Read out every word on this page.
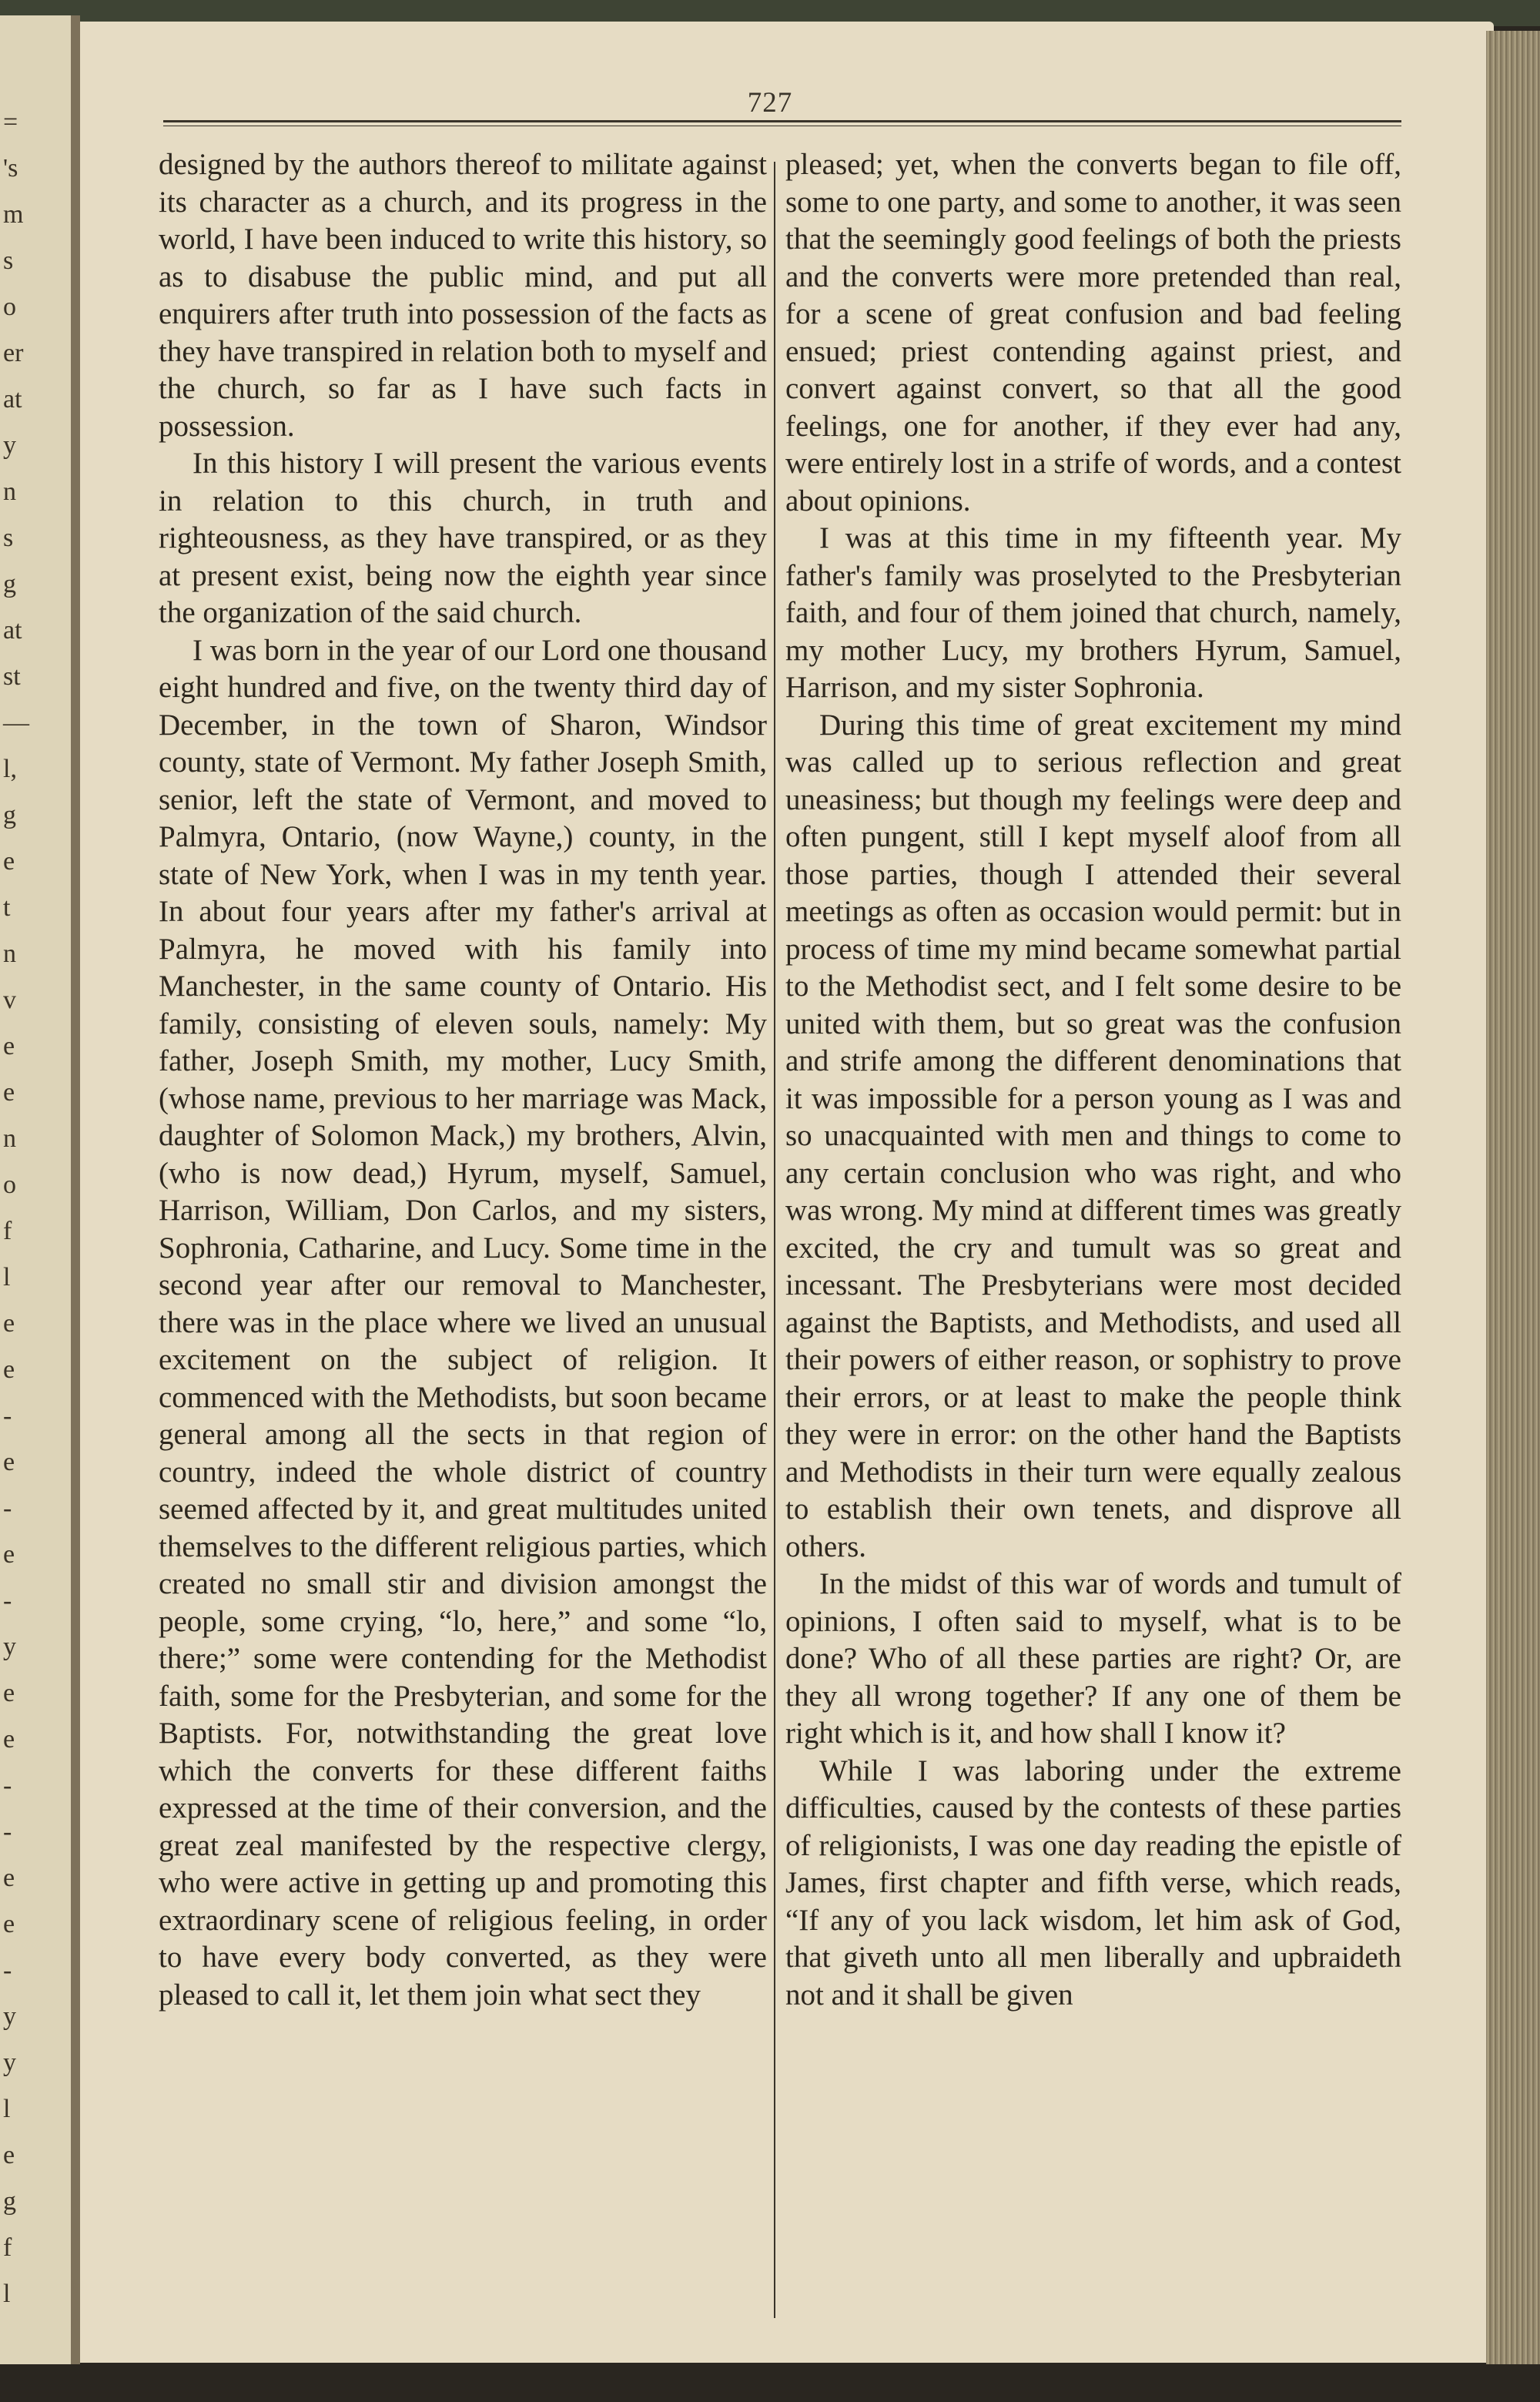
=
's
m
s
o
er
at
y
n
s
g
at
st
—
l,
g
e
t
n
v
e
e
n
o
f
l
e
e
-
e
-
e
-
y
e
e
-
-
e
e
-
y
y
l
e
g
f
l
727

designed by the authors thereof to militate against its character as a church, and its progress in the world, I have been induced to write this history, so as to disabuse the public mind, and put all enquirers after truth into possession of the facts as they have transpired in relation both to myself and the church, so far as I have such facts in possession.

In this history I will present the various events in relation to this church, in truth and righteousness, as they have transpired, or as they at present exist, being now the eighth year since the organization of the said church.

I was born in the year of our Lord one thousand eight hundred and five, on the twenty third day of December, in the town of Sharon, Windsor county, state of Vermont. My father Joseph Smith, senior, left the state of Vermont, and moved to Palmyra, Ontario, (now Wayne,) county, in the state of New York, when I was in my tenth year. In about four years after my father's arrival at Palmyra, he moved with his family into Manchester, in the same county of Ontario. His family, consisting of eleven souls, namely: My father, Joseph Smith, my mother, Lucy Smith, (whose name, previous to her marriage was Mack, daughter of Solomon Mack,) my brothers, Alvin, (who is now dead,) Hyrum, myself, Samuel, Harrison, William, Don Carlos, and my sisters, Sophronia, Catharine, and Lucy. Some time in the second year after our removal to Manchester, there was in the place where we lived an unusual excitement on the subject of religion. It commenced with the Methodists, but soon became general among all the sects in that region of country, indeed the whole district of country seemed affected by it, and great multitudes united themselves to the different religious parties, which created no small stir and division amongst the people, some crying, “lo, here,” and some “lo, there;” some were contending for the Methodist faith, some for the Presbyterian, and some for the Baptists. For, notwithstanding the great love which the converts for these different faiths expressed at the time of their conversion, and the great zeal manifested by the respective clergy, who were active in getting up and promoting this extraordinary scene of religious feeling, in order to have every body converted, as they were pleased to call it, let them join what sect they

pleased; yet, when the converts began to file off, some to one party, and some to another, it was seen that the seemingly good feelings of both the priests and the converts were more pretended than real, for a scene of great confusion and bad feeling ensued; priest contending against priest, and convert against convert, so that all the good feelings, one for another, if they ever had any, were entirely lost in a strife of words, and a contest about opinions.

I was at this time in my fifteenth year. My father's family was proselyted to the Presbyterian faith, and four of them joined that church, namely, my mother Lucy, my brothers Hyrum, Samuel, Harrison, and my sister Sophronia.

During this time of great excitement my mind was called up to serious reflection and great uneasiness; but though my feelings were deep and often pungent, still I kept myself aloof from all those parties, though I attended their several meetings as often as occasion would permit: but in process of time my mind became somewhat partial to the Methodist sect, and I felt some desire to be united with them, but so great was the confusion and strife among the different denominations that it was impossible for a person young as I was and so unacquainted with men and things to come to any certain conclusion who was right, and who was wrong. My mind at different times was greatly excited, the cry and tumult was so great and incessant. The Presbyterians were most decided against the Baptists, and Methodists, and used all their powers of either reason, or sophistry to prove their errors, or at least to make the people think they were in error: on the other hand the Baptists and Methodists in their turn were equally zealous to establish their own tenets, and disprove all others.

In the midst of this war of words and tumult of opinions, I often said to myself, what is to be done? Who of all these parties are right? Or, are they all wrong together? If any one of them be right which is it, and how shall I know it?

While I was laboring under the extreme difficulties, caused by the contests of these parties of religionists, I was one day reading the epistle of James, first chapter and fifth verse, which reads, “If any of you lack wisdom, let him ask of God, that giveth unto all men liberally and upbraideth not and it shall be given
